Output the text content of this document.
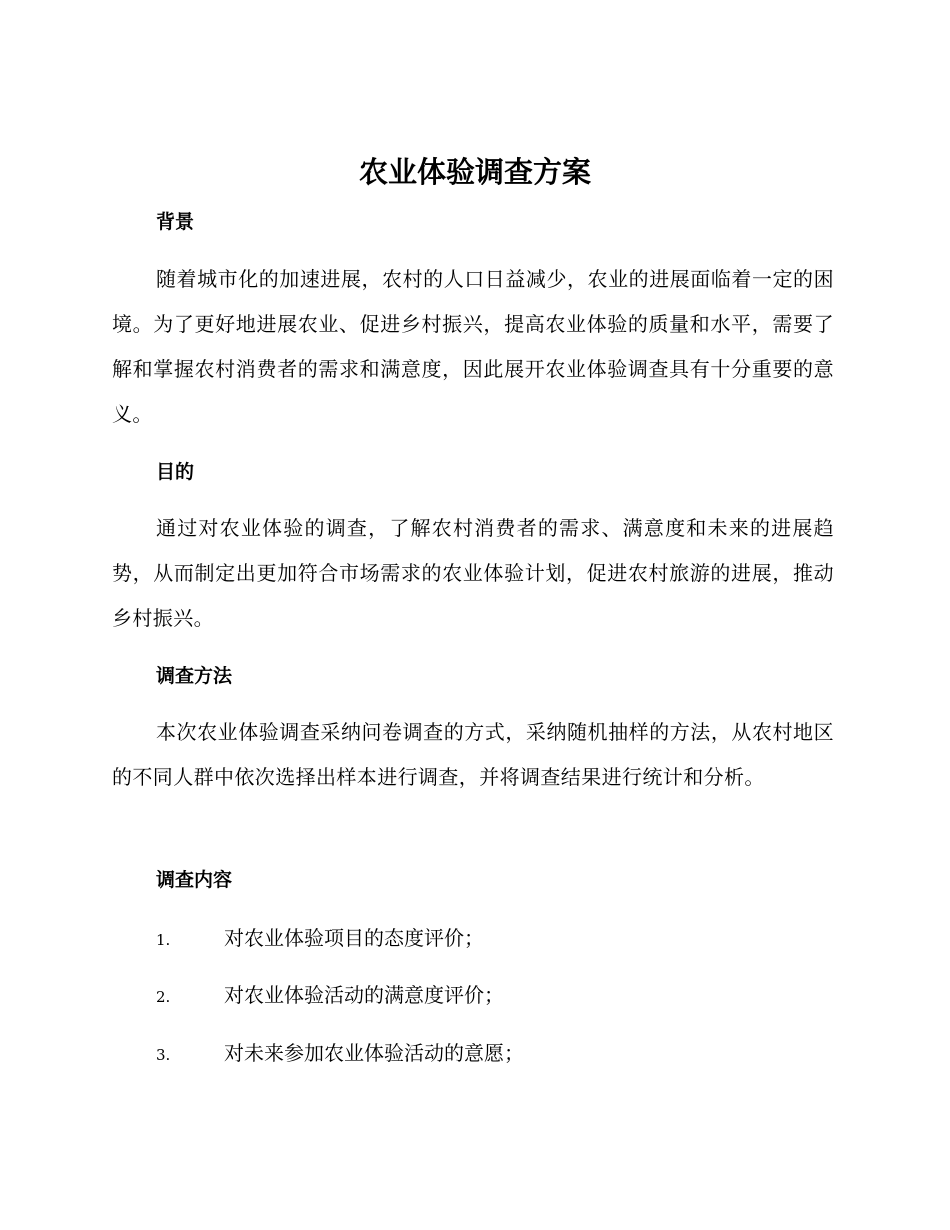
农业体验调查方案
背景

随着城市化的加速进展，农村的人口日益减少，农业的进展面临着一定的困境。为了更好地进展农业、促进乡村振兴，提高农业体验的质量和水平，需要了解和掌握农村消费者的需求和满意度，因此展开农业体验调查具有十分重要的意义。

目的

通过对农业体验的调查，了解农村消费者的需求、满意度和未来的进展趋势，从而制定出更加符合市场需求的农业体验计划，促进农村旅游的进展，推动乡村振兴。

调查方法

本次农业体验调查采纳问卷调查的方式，采纳随机抽样的方法，从农村地区的不同人群中依次选择出样本进行调查，并将调查结果进行统计和分析。

调查内容
1.	对农业体验项目的态度评价；
2.	对农业体验活动的满意度评价；
3.	对未来参加农业体验活动的意愿；
